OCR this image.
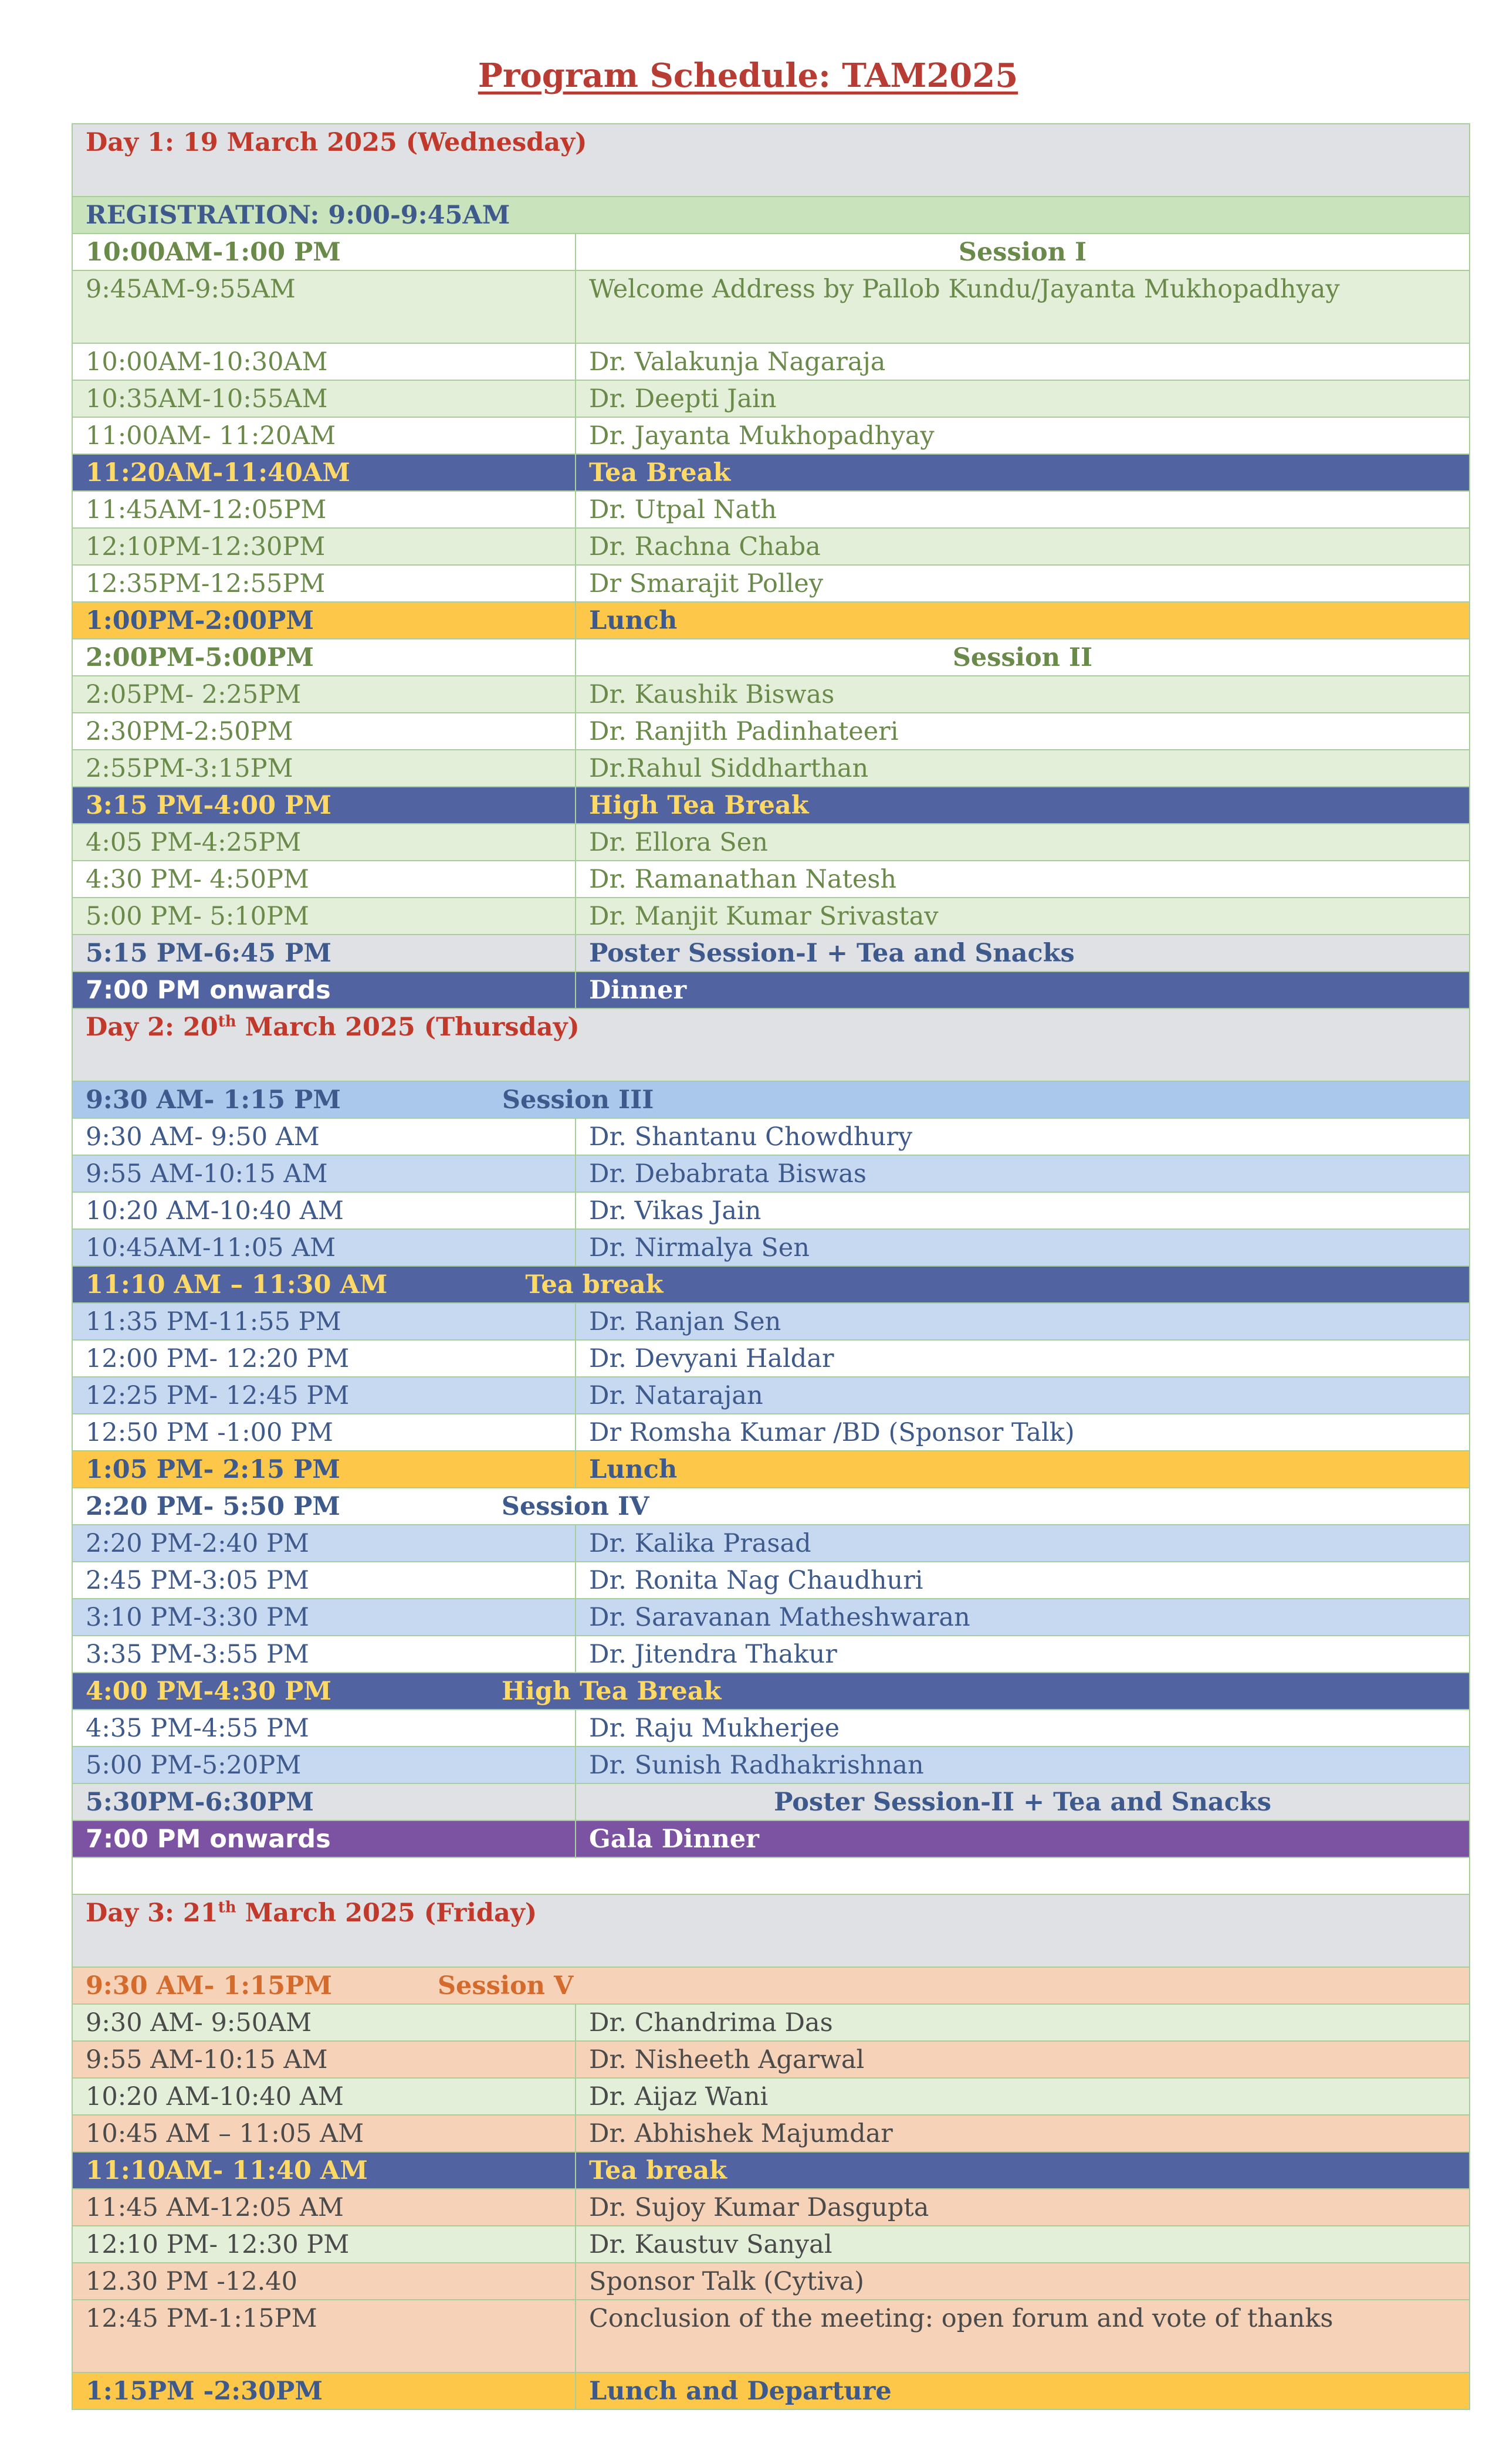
Program Schedule: TAM2025
Day 1: 19 March 2025 (Wednesday)	
REGISTRATION: 9:00-9:45AM	
10:00AM-1:00 PM	Session I
9:45AM-9:55AM	Welcome Address by Pallob Kundu/Jayanta Mukhopadhyay
10:00AM-10:30AM	Dr. Valakunja Nagaraja
10:35AM-10:55AM	Dr. Deepti Jain
11:00AM- 11:20AM	Dr. Jayanta Mukhopadhyay
11:20AM-11:40AM	Tea Break
11:45AM-12:05PM	Dr. Utpal Nath
12:10PM-12:30PM	Dr. Rachna Chaba
12:35PM-12:55PM	Dr Smarajit Polley
1:00PM-2:00PM	Lunch
2:00PM-5:00PM	Session II
2:05PM- 2:25PM	Dr. Kaushik Biswas
2:30PM-2:50PM	Dr. Ranjith Padinhateeri
2:55PM-3:15PM	Dr.Rahul Siddharthan
3:15 PM-4:00 PM	High Tea Break
4:05 PM-4:25PM	Dr. Ellora Sen
4:30 PM- 4:50PM	Dr. Ramanathan Natesh
5:00 PM- 5:10PM	Dr. Manjit Kumar Srivastav
5:15 PM-6:45 PM	Poster Session-I + Tea and Snacks
7:00 PM onwards	Dinner
Day 2: 20th March 2025 (Thursday)	
9:30 AM- 1:15 PM Session III	
9:30 AM- 9:50 AM	Dr. Shantanu Chowdhury
9:55 AM-10:15 AM	Dr. Debabrata Biswas
10:20 AM-10:40 AM	Dr. Vikas Jain
10:45AM-11:05 AM	Dr. Nirmalya Sen
11:10 AM – 11:30 AM Tea break	
11:35 PM-11:55 PM	Dr. Ranjan Sen
12:00 PM- 12:20 PM	Dr. Devyani Haldar
12:25 PM- 12:45 PM	Dr. Natarajan
12:50 PM -1:00 PM	Dr Romsha Kumar /BD (Sponsor Talk)
1:05 PM- 2:15 PM	Lunch
2:20 PM- 5:50 PM Session IV	
2:20 PM-2:40 PM	Dr. Kalika Prasad
2:45 PM-3:05 PM	Dr. Ronita Nag Chaudhuri
3:10 PM-3:30 PM	Dr. Saravanan Matheshwaran
3:35 PM-3:55 PM	Dr. Jitendra Thakur
4:00 PM-4:30 PM High Tea Break	
4:35 PM-4:55 PM	Dr. Raju Mukherjee
5:00 PM-5:20PM	Dr. Sunish Radhakrishnan
5:30PM-6:30PM	Poster Session-II + Tea and Snacks
7:00 PM onwards	Gala Dinner

Day 3: 21th March 2025 (Friday)	
9:30 AM- 1:15PM Session V	
9:30 AM- 9:50AM	Dr. Chandrima Das
9:55 AM-10:15 AM	Dr. Nisheeth Agarwal
10:20 AM-10:40 AM	Dr. Aijaz Wani
10:45 AM – 11:05 AM	Dr. Abhishek Majumdar
11:10AM- 11:40 AM	Tea break
11:45 AM-12:05 AM	Dr. Sujoy Kumar Dasgupta
12:10 PM- 12:30 PM	Dr. Kaustuv Sanyal
12.30 PM -12.40	Sponsor Talk (Cytiva)
12:45 PM-1:15PM	Conclusion of the meeting: open forum and vote of thanks
1:15PM -2:30PM	Lunch and Departure
